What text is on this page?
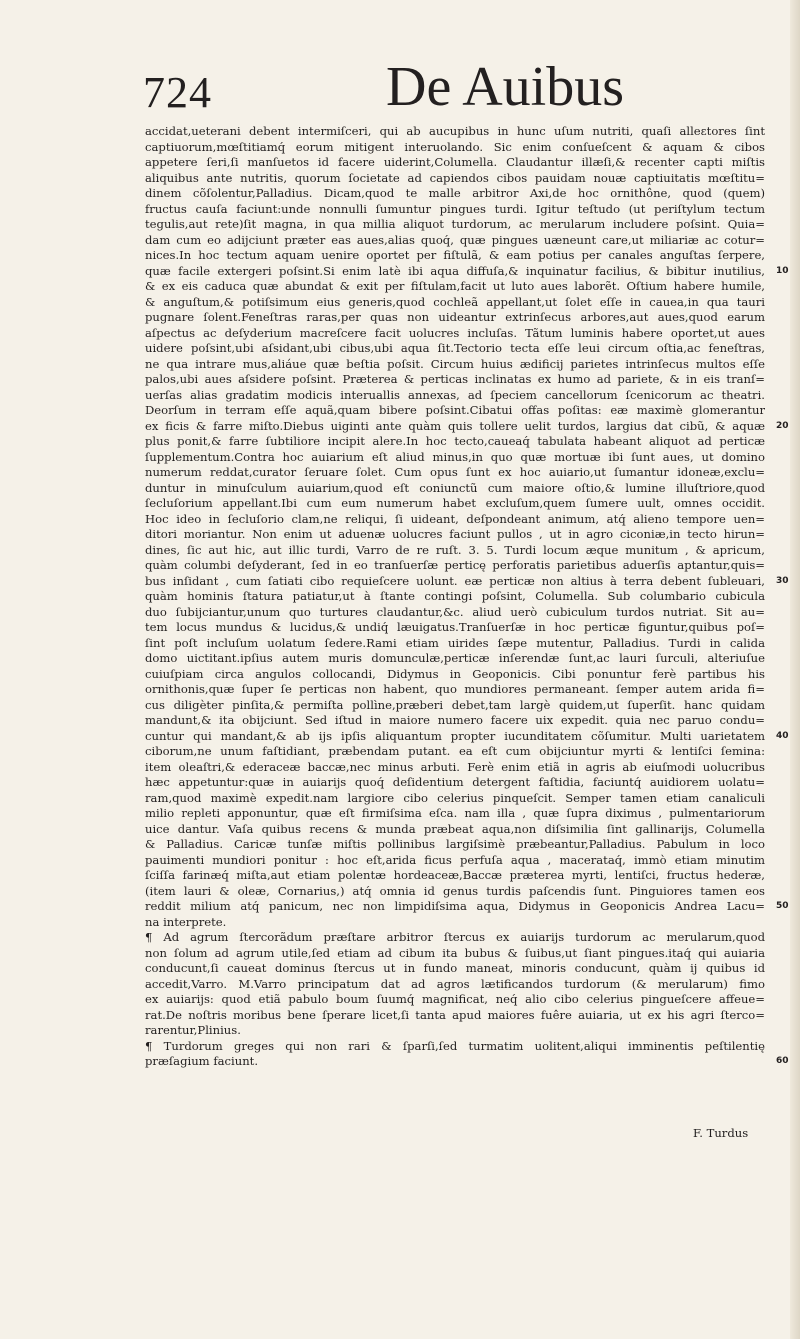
724	De Auibus
accidat,ueterani debent intermiſceri, qui ab aucupibus in hunc uſum nutriti, quaſi alleɛtores ſint
captiuorum,mœſtitiamq́ eorum mitigent interuolando. Sic enim conſueſcent & aquam & cibos
appetere ſeri,ſi manſuetos id facere uiderint,Columella. Claudantur illæſi,& recenter capti miſtis
aliquibus ante nutritis, quorum ſocietate ad capiendos cibos pauidam nouæ captiuitatis mœſtitu=
dinem cõſolentur,Palladius. Dicam,quod te malle arbitror Axi,de hoc ornithône, quod (quem)
fructus cauſa faciunt:unde nonnulli ſumuntur pingues turdi. Igitur teſtudo (ut periſtylum tectum
tegulis,aut rete)ſit magna, in qua millia aliquot turdorum, ac merularum includere poſsint. Quia=
dam cum eo adijciunt præter eas aues,alias quoq́, quæ pingues uæneunt care,ut miliariæ ac cotur=
nices.In hoc tectum aquam uenire oportet per fiſtulã, & eam potius per canales anguſtas ſerpere,
quæ facile extergeri poſsint.Si enim latè ibi aqua diffuſa,& inquinatur facilius, & bibitur inutilius,
& ex eis caduca quæ abundat & exit per fiſtulam,facit ut luto aues laborẽt. Oſtium habere humile,
& anguſtum,& potiſsimum eius generis,quod cochleã appellant,ut ſolet eſſe in cauea,in qua tauri
pugnare ſolent.Feneſtras raras,per quas non uideantur extrinſecus arbores,aut aues,quod earum
aſpectus ac deſyderium macreſcere facit uolucres incluſas. Tãtum luminis habere oportet,ut aues
uidere poſsint,ubi aſsidant,ubi cibus,ubi aqua ſit.Tectorio tecta eſſe leui circum oſtia,ac feneſtras,
ne qua intrare mus,aliáue quæ beſtia poſsit. Circum huius ædificij parietes intrinſecus multos eſſe
palos,ubi aues aſsidere poſsint. Præterea & perticas inclinatas ex humo ad pariete, & in eis tranſ=
uerſas alias gradatim modicis interuallis annexas, ad ſpeciem cancellorum ſcenicorum ac theatri.
Deorſum in terram eſſe aquã,quam bibere poſsint.Cibatui offas poſitas: eæ maximè glomerantur
ex ficis & farre miſto.Diebus uiginti ante quàm quis tollere uelit turdos, largius dat cibũ, & aquæ
plus ponit,& farre ſubtiliore incipit alere.In hoc tecto,caueaq́ tabulata habeant aliquot ad perticæ
ſupplementum.Contra hoc auiarium eſt aliud minus,in quo quæ mortuæ ibi ſunt aues, ut domino
numerum reddat,curator ſeruare ſolet. Cum opus ſunt ex hoc auiario,ut ſumantur idoneæ,exclu=
duntur in minuſculum auiarium,quod eſt coniunctũ cum maiore oſtio,& lumine illuſtriore,quod
ſecluſorium appellant.Ibi cum eum numerum habet excluſum,quem ſumere uult, omnes occidit.
Hoc ideo in ſecluſorio clam,ne reliqui, ſi uideant, deſpondeant animum, atq́ alieno tempore uen=
ditori moriantur. Non enim ut aduenæ uolucres faciunt pullos , ut in agro ciconiæ,in tecto hirun=
dines, ſic aut hic, aut illic turdi, Varro de re ruſt. 3. 5. Turdi locum æque munitum , & apricum,
quàm columbi deſyderant, ſed in eo tranſuerſæ perticę perforatis parietibus aduerſis aptantur,quis=
bus inſidant , cum ſatiati cibo requieſcere uolunt. eæ perticæ non altius à terra debent ſubleuari,
quàm hominis ſtatura patiatur,ut à ſtante contingi poſsint, Columella. Sub columbario cubicula
duo ſubijciantur,unum quo turtures claudantur,&c. aliud uerò cubiculum turdos nutriat. Sit au=
tem locus mundus & lucidus,& undiq́ læuigatus.Tranſuerſæ in hoc perticæ figuntur,quibus poſ=
ſint poſt incluſum uolatum ſedere.Rami etiam uirides ſæpe mutentur, Palladius. Turdi in calida
domo uictitant.ipſius autem muris domunculæ,perticæ inſerendæ ſunt,ac lauri ſurculi, alteriuſue
cuiuſpiam circa angulos collocandi, Didymus in Geoponicis. Cibi ponuntur ferè partibus his
ornithonis,quæ ſuper ſe perticas non habent, quo mundiores permaneant. ſemper autem arida fi=
cus diligèter pinſita,& permiſta pollìne,præberi debet,tam largè quidem,ut ſuperſit. hanc quidam
mandunt,& ita obijciunt. Sed iſtud in maiore numero facere uix expedit. quia nec paruo condu=
cuntur qui mandant,& ab ijs ipſis aliquantum propter iucunditatem cõſumitur. Multi uarietatem
ciborum,ne unum faſtidiant, præbendam putant. ea eſt cum obijciuntur myrti & lentiſci ſemina:
item oleaſtri,& ederaceæ baccæ,nec minus arbuti. Ferè enim etiã in agris ab eiuſmodi uolucribus
hæc appetuntur:quæ in auiarijs quoq́ deſidentium detergent faſtidia, faciuntq́ auidiorem uolatu=
ram,quod maximè expedit.nam largiore cibo celerius pinqueſcit. Semper tamen etiam canaliculi
milio repleti apponuntur, quæ eſt firmiſsima eſca. nam illa , quæ ſupra diximus , pulmentariorum
uice dantur. Vaſa quibus recens & munda præbeat aqua,non diſsimilia ſint gallinarijs, Columella
& Palladius. Caricæ tunſæ miſtis pollinibus largiſsimè præbeantur,Palladius. Pabulum in loco
pauimenti mundiori ponitur : hoc eſt,arida ficus perfuſa aqua , macerataq́, immò etiam minutim
ſciſſa farinæq́ miſta,aut etiam polentæ hordeaceæ,Baccæ præterea myrti, lentiſci, fructus hederæ,
(item lauri & oleæ, Cornarius,) atq́ omnia id genus turdis paſcendis ſunt. Pinguiores tamen eos
reddit milium atq́ panicum, nec non limpidiſsima aqua, Didymus in Geoponicis Andrea Lacu=
na interprete.
¶ Ad agrum ſtercorãdum præſtare arbitror ſtercus ex auiarijs turdorum ac merularum,quod
non ſolum ad agrum utile,ſed etiam ad cibum ita bubus & ſuibus,ut ſiant pingues.itaq́ qui auiaria
conducunt,ſi caueat dominus ſtercus ut in fundo maneat, minoris conducunt, quàm ij quibus id
accedit,Varro. M.Varro principatum dat ad agros lætificandos turdorum (& merularum) fimo
ex auiarijs: quod etiã pabulo boum ſuumq́ magnificat, neq́ alio cibo celerius pingueſcere affeue=
rat.De noſtris moribus bene ſperare licet,ſi tanta apud maiores fuêre auiaria, ut ex his agri ſterco=
rarentur,Plinius.
¶ Turdorum greges qui non rari & ſparſi,ſed turmatim uolitent,aliqui imminentis peſtilentię
præſagium faciunt.
10
20
30
40
50
60
F. Turdus
